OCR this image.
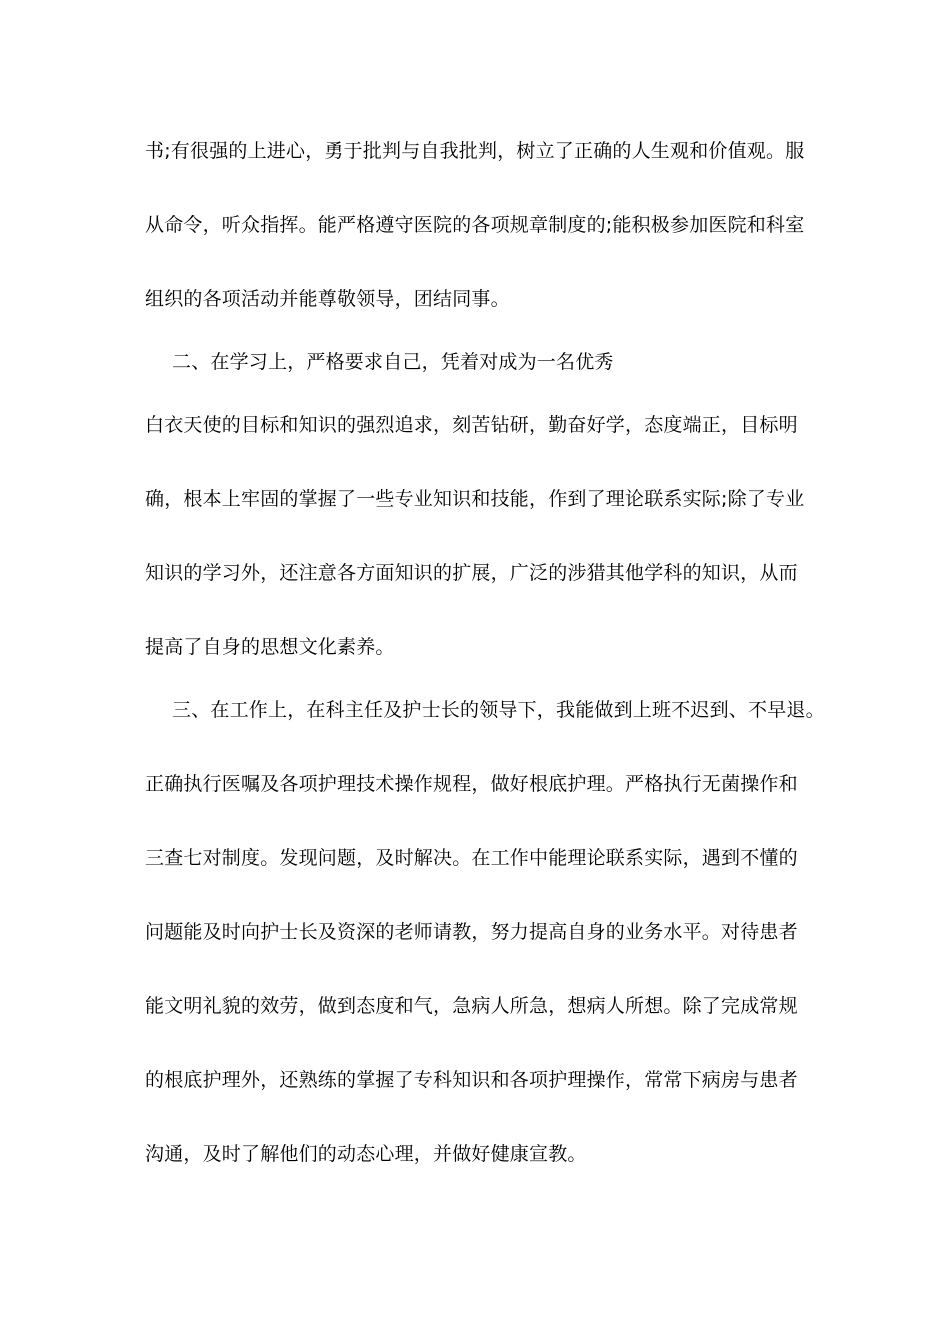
书;有很强的上进心，勇于批判与自我批判，树立了正确的人生观和价值观。服
从命令，听众指挥。能严格遵守医院的各项规章制度的;能积极参加医院和科室
组织的各项活动并能尊敬领导，团结同事。
二、在学习上，严格要求自己，凭着对成为一名优秀
白衣天使的目标和知识的强烈追求，刻苦钻研，勤奋好学，态度端正，目标明
确，根本上牢固的掌握了一些专业知识和技能，作到了理论联系实际;除了专业
知识的学习外，还注意各方面知识的扩展，广泛的涉猎其他学科的知识，从而
提高了自身的思想文化素养。
三、在工作上，在科主任及护士长的领导下，我能做到上班不迟到、不早退。
正确执行医嘱及各项护理技术操作规程，做好根底护理。严格执行无菌操作和
三查七对制度。发现问题，及时解决。在工作中能理论联系实际，遇到不懂的
问题能及时向护士长及资深的老师请教，努力提高自身的业务水平。对待患者
能文明礼貌的效劳，做到态度和气，急病人所急，想病人所想。除了完成常规
的根底护理外，还熟练的掌握了专科知识和各项护理操作，常常下病房与患者
沟通，及时了解他们的动态心理，并做好健康宣教。
